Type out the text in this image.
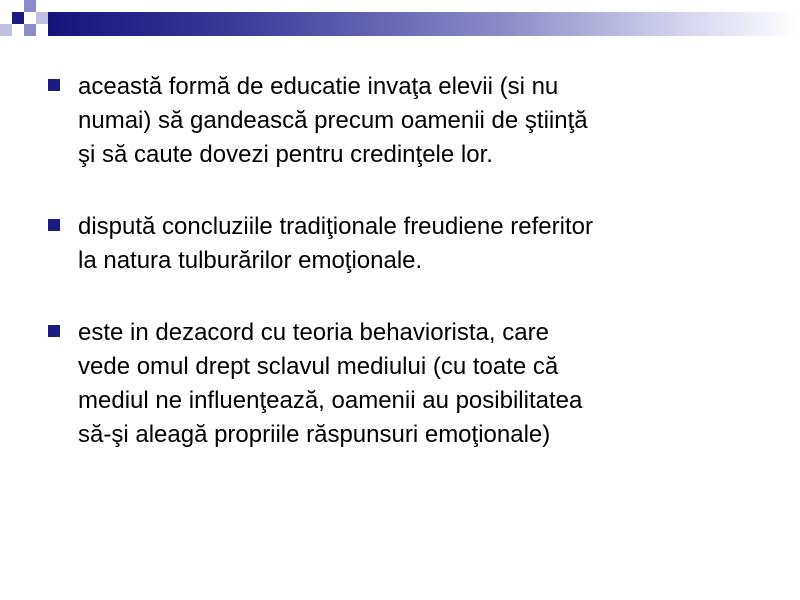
această formă de educatie invaţa elevii (si nu
numai) să gandească precum oamenii de ştiinţă
şi să caute dovezi pentru credinţele lor.
dispută concluziile tradiţionale freudiene referitor
la natura tulburărilor emoţionale.
este in dezacord cu teoria behaviorista, care
vede omul drept sclavul mediului (cu toate că
mediul ne influenţează, oamenii au posibilitatea
să-şi aleagă propriile răspunsuri emoţionale)
